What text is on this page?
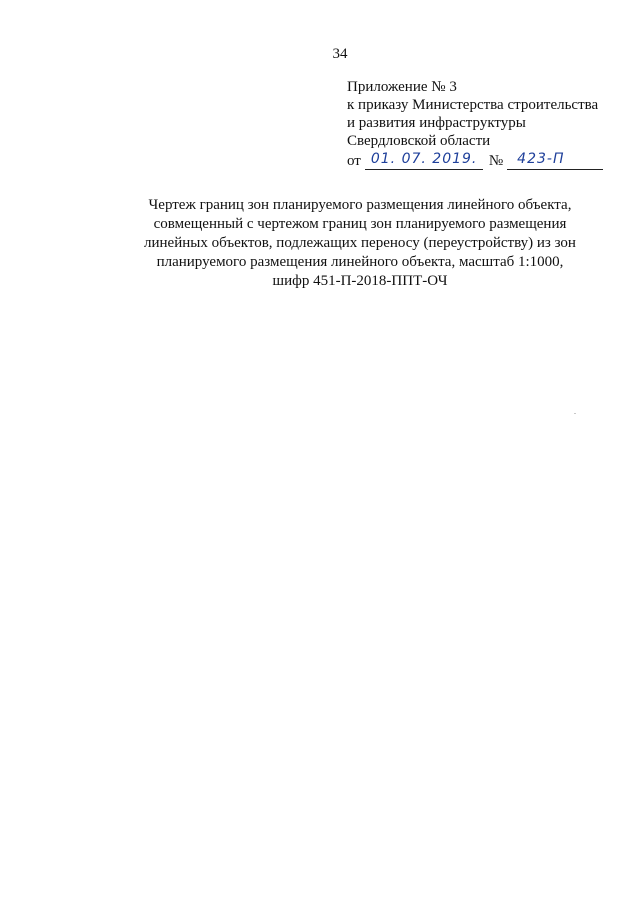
34
Приложение № 3
к приказу Министерства строительства
и развития инфраструктуры
Свердловской области
от 01. 07. 2019. № 423-П
Чертеж границ зон планируемого размещения линейного объекта,
совмещенный с чертежом границ зон планируемого размещения
линейных объектов, подлежащих переносу (переустройству) из зон
планируемого размещения линейного объекта, масштаб 1:1000,
шифр 451-П-2018-ППТ-ОЧ
